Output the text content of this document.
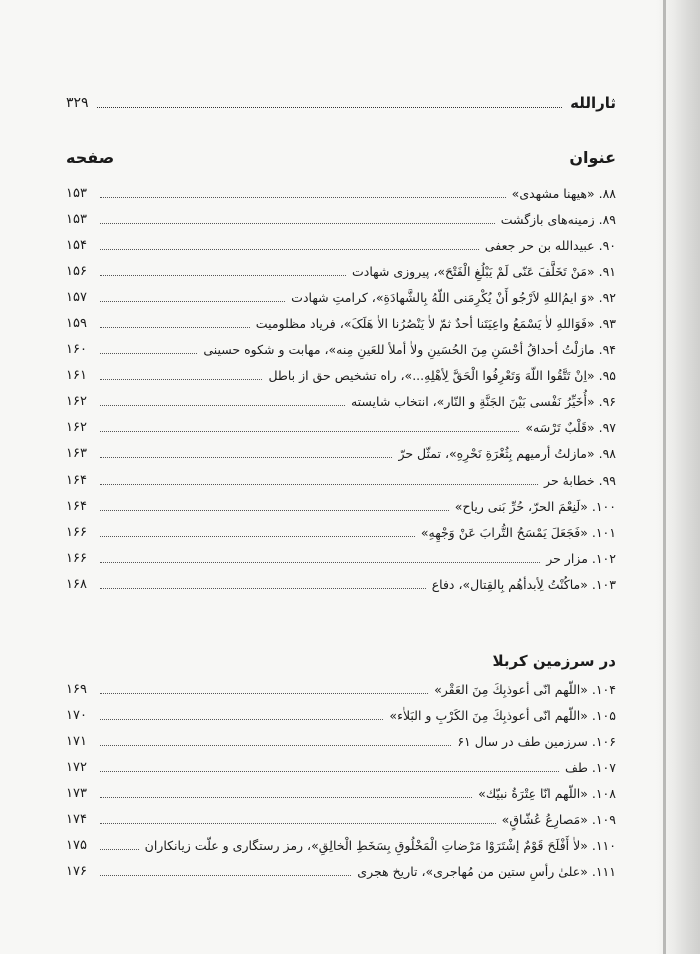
ثارالله
۳۲۹
عنوان
صفحه
۸۸. «هیهنا مشهدی»
۱۵۳
۸۹. زمینه‌های بازگشت
۱۵۳
۹۰. عبیدالله بن حر جعفی
۱۵۴
۹۱. «مَنْ تَخَلَّفَ عَنّی لَمْ یَبْلُغِ الْفَتْحَ»، پیروزی شهادت
۱۵۶
۹۲. «وَ ایمُ‌اللهِ لاَرْجُو أَنْ یُکْرِمَنی اللّهُ بِالشَّهادَةِ»، کرامتِ شهادت
۱۵۷
۹۳. «فَوَاللهِ لاٰ یَسْمَعُ واعِیَتَنا أحدٌ ثمّ لاٰ یَنْصُرُنا الاٰ هَلَکَ»، فریاد مظلومیت
۱۵۹
۹۴. مازلْتُ أحداقُ أحْسَنِ مِنَ الحُسَینِ ولاٰ أملأ للعَینِ مِنه»، مهابت و شکوه حسینی
۱۶۰
۹۵. «اِنْ تَتَّقُوا اللّهَ وَتَعْرِفُوا الْحَقَّ لِأهْلِهِ...»، راه تشخیص حق از باطل
۱۶۱
۹۶. «أُخَیِّرُ نَفْسی بَیْنَ الجَنَّةِ و النّار»، انتخاب شایسته
۱۶۲
۹۷. «قَلْبٌ تَرْسَه»
۱۶۲
۹۸. «مازلتُ أرمیهم بِثُغْرَةِ نَحْرِهِ»، تمثّل حرّ
۱۶۳
۹۹. خطابهٔ حر
۱۶۴
۱۰۰. «لَنِعْمَ الحرّ، حُرِّ بَنی ریاح»
۱۶۴
۱۰۱. «فَجَعَلَ یَمْسَحُ التُّرابَ عَنْ وَجْهِهِ»
۱۶۶
۱۰۲. مزار حر
۱۶۶
۱۰۳. «ماکُنْتُ لِأبدأهُم بِالقِتال»، دفاع
۱۶۸
در سرزمین کربلا
۱۰۴. «اللّهم انّی أعوذبِكَ مِنَ العَقْر»
۱۶۹
۱۰۵. «اللّهم انّی أعوذبِكَ مِنَ الكَرْبِ و البَلاٰء»
۱۷۰
۱۰۶. سرزمین طف در سال ۶۱
۱۷۱
۱۰۷. طف
۱۷۲
۱۰۸. «اللّهم انّا عِتْرَةُ نبیّك»
۱۷۳
۱۰۹. «مَصارِعُ عُشّاقٍ»
۱۷۴
۱۱۰. «لاٰ أَفْلَحَ قَوْمٌ إشْتَرَوْا مَرْضاتِ الْمَخْلُوقِ بِسَخَطِ الْخالِقِ»، رمز رستگاری و علّت زیانکاران
۱۷۵
۱۱۱. «علیٰ رأسِ ستین من مُهاجری»، تاریخ هجری
۱۷۶
